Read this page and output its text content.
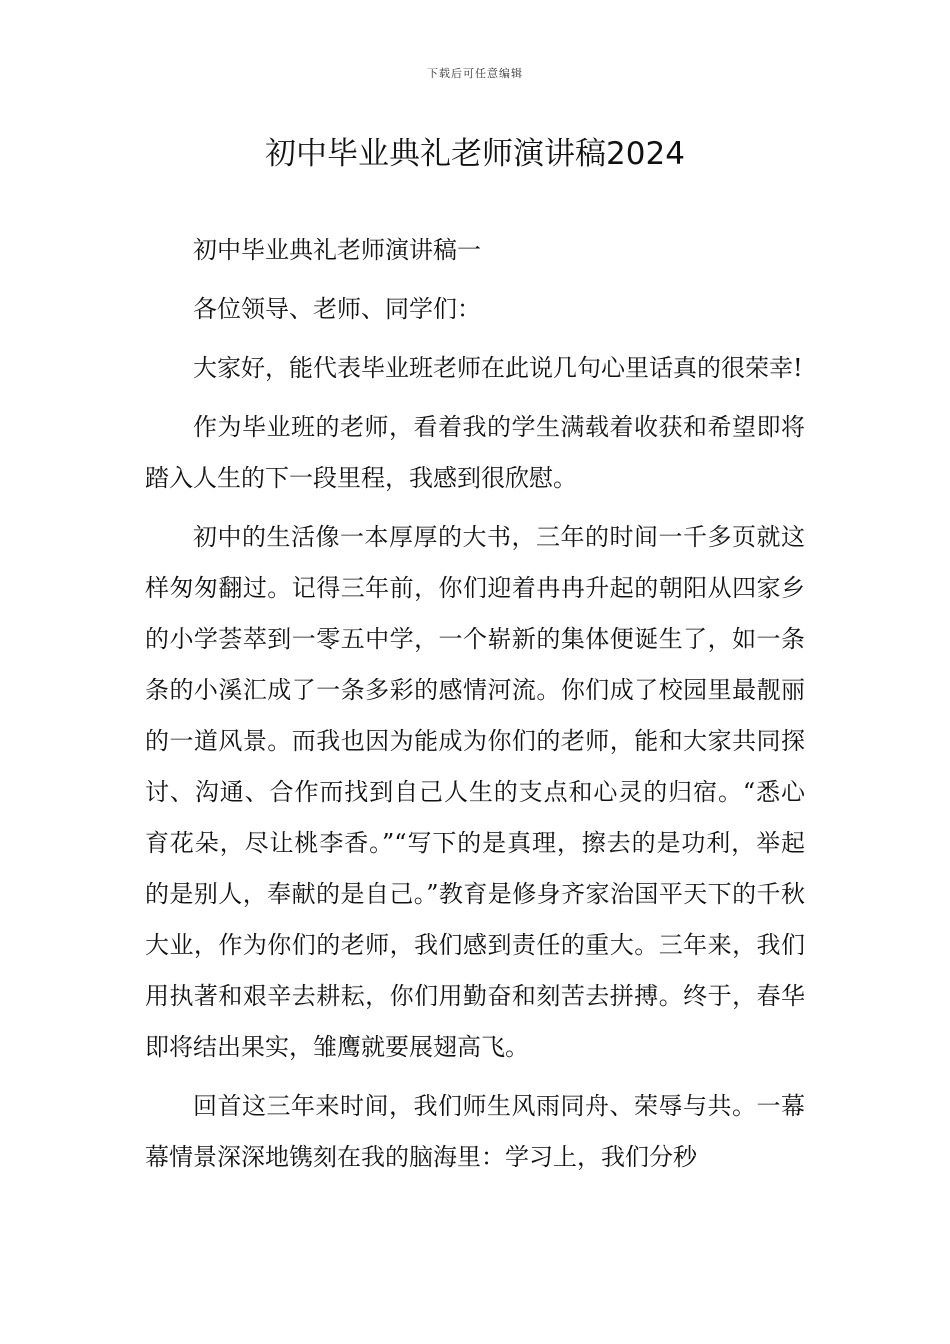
下载后可任意编辑
初中毕业典礼老师演讲稿2024

初中毕业典礼老师演讲稿一

各位领导、老师、同学们：

大家好，能代表毕业班老师在此说几句心里话真的很荣幸!

作为毕业班的老师，看着我的学生满载着收获和希望即将踏入人生的下一段里程，我感到很欣慰。

初中的生活像一本厚厚的大书，三年的时间一千多页就这样匆匆翻过。记得三年前，你们迎着冉冉升起的朝阳从四家乡的小学荟萃到一零五中学，一个崭新的集体便诞生了，如一条条的小溪汇成了一条多彩的感情河流。你们成了校园里最靓丽的一道风景。而我也因为能成为你们的老师，能和大家共同探讨、沟通、合作而找到自己人生的支点和心灵的归宿。“悉心育花朵，尽让桃李香。”“写下的是真理，擦去的是功利，举起的是别人，奉献的是自己。”教育是修身齐家治国平天下的千秋大业，作为你们的老师，我们感到责任的重大。三年来，我们用执著和艰辛去耕耘，你们用勤奋和刻苦去拼搏。终于，春华即将结出果实，雏鹰就要展翅高飞。

回首这三年来时间，我们师生风雨同舟、荣辱与共。一幕幕情景深深地镌刻在我的脑海里：学习上，我们分秒
